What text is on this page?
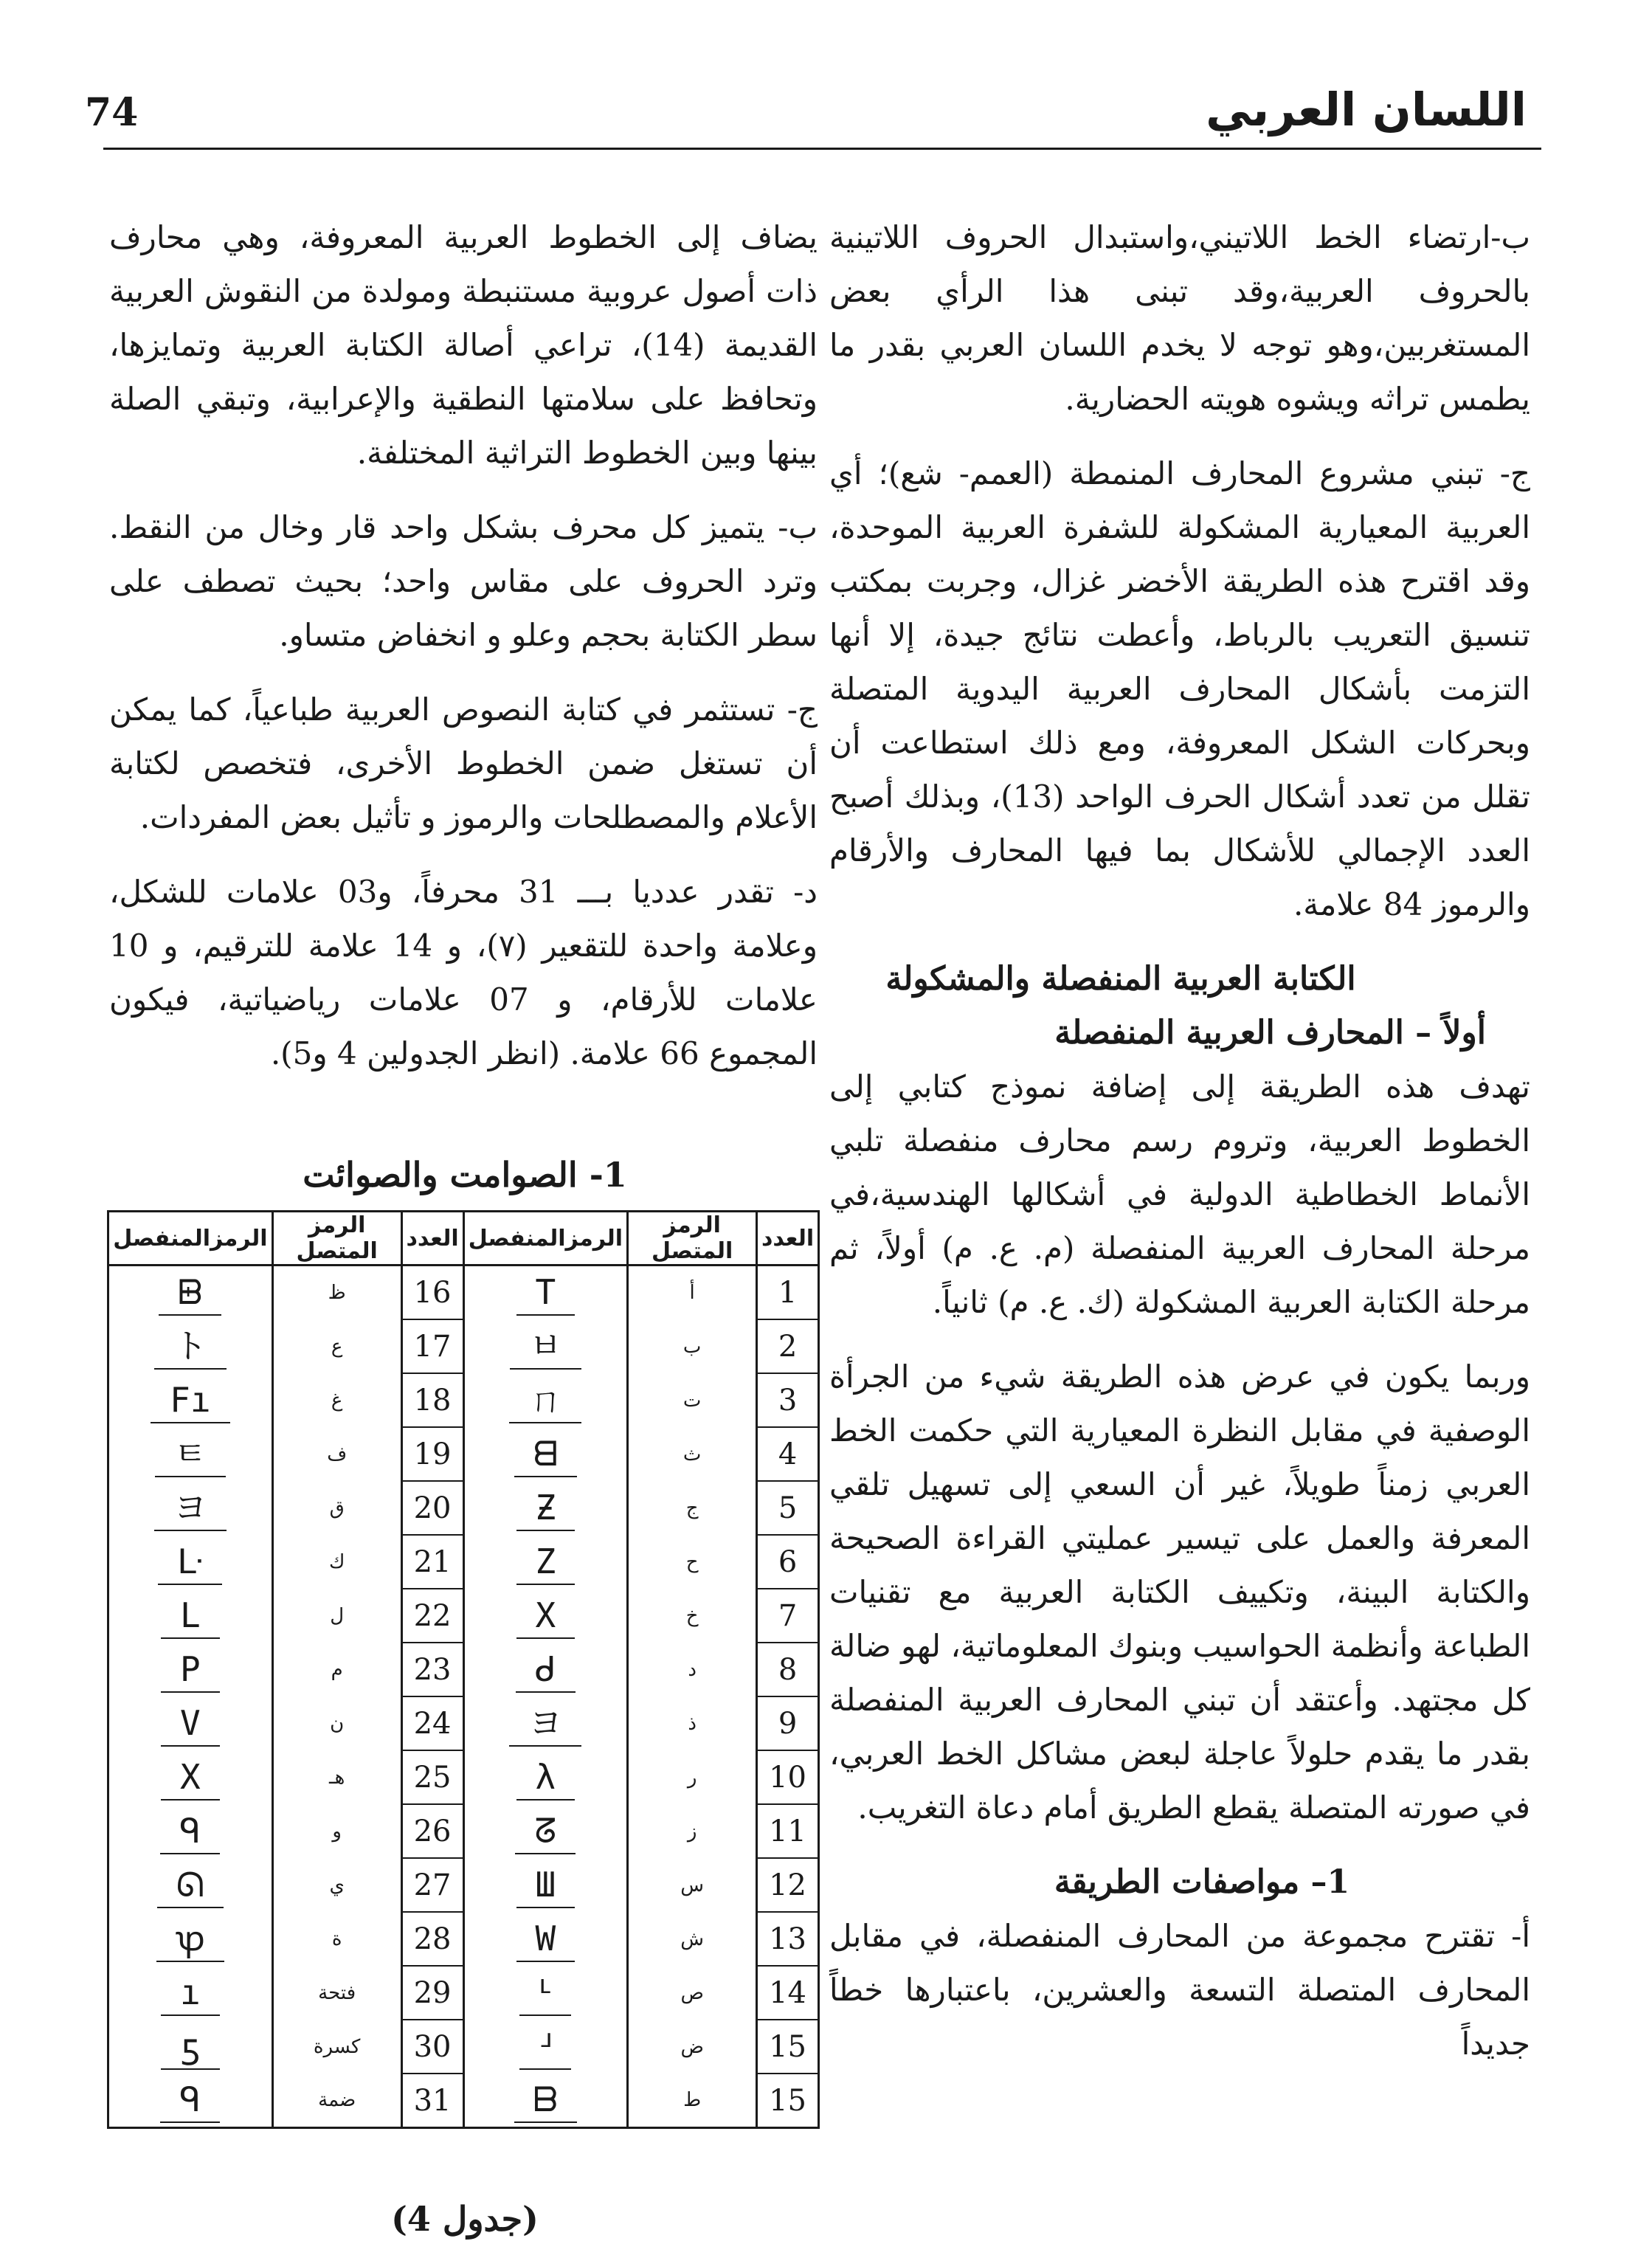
74	اللسان العربي

ب-ارتضاء الخط اللاتيني،واستبدال الحروف اللاتينية بالحروف العربية،وقد تبنى هذا الرأي بعض المستغربين،وهو توجه لا يخدم اللسان العربي بقدر ما يطمس تراثه ويشوه هويته الحضارية.

ج- تبني مشروع المحارف المنمطة (العمم- شع)؛ أي العربية المعيارية المشكولة للشفرة العربية الموحدة، وقد اقترح هذه الطريقة الأخضر غزال، وجربت بمكتب تنسيق التعريب بالرباط، وأعطت نتائج جيدة، إلا أنها التزمت بأشكال المحارف العربية اليدوية المتصلة وبحركات الشكل المعروفة، ومع ذلك استطاعت أن تقلل من تعدد أشكال الحرف الواحد (13)، وبذلك أصبح العدد الإجمالي للأشكال بما فيها المحارف والأرقام والرموز 84 علامة.

الكتابة العربية المنفصلة والمشكولة
أولاً – المحارف العربية المنفصلة

تهدف هذه الطريقة إلى إضافة نموذج كتابي إلى الخطوط العربية، وتروم رسم محارف منفصلة تلبي الأنماط الخطاطية الدولية في أشكالها الهندسية،في مرحلة المحارف العربية المنفصلة (م. ع. م) أولاً، ثم مرحلة الكتابة العربية المشكولة (ك. ع. م) ثانياً.

وربما يكون في عرض هذه الطريقة شيء من الجرأة الوصفية في مقابل النظرة المعيارية التي حكمت الخط العربي زمناً طويلاً، غير أن السعي إلى تسهيل تلقي المعرفة والعمل على تيسير عمليتي القراءة الصحيحة والكتابة البينة، وتكييف الكتابة العربية مع تقنيات الطباعة وأنظمة الحواسيب وبنوك المعلوماتية، لهو ضالة كل مجتهد. وأعتقد أن تبني المحارف العربية المنفصلة بقدر ما يقدم حلولاً عاجلة لبعض مشاكل الخط العربي، في صورته المتصلة يقطع الطريق أمام دعاة التغريب.

1– مواصفات الطريقة

أ- تقترح مجموعة من المحارف المنفصلة، في مقابل المحارف المتصلة التسعة والعشرين، باعتبارها خطاً جديداً

يضاف إلى الخطوط العربية المعروفة، وهي محارف ذات أصول عروبية مستنبطة ومولدة من النقوش العربية القديمة (14)، تراعي أصالة الكتابة العربية وتمايزها، وتحافظ على سلامتها النطقية والإعرابية، وتبقي الصلة بينها وبين الخطوط التراثية المختلفة.

ب- يتميز كل محرف بشكل واحد قار وخال من النقط. وترد الحروف على مقاس واحد؛ بحيث تصطف على سطر الكتابة بحجم وعلو و انخفاض متساو.

ج- تستثمر في كتابة النصوص العربية طباعياً، كما يمكن أن تستغل ضمن الخطوط الأخرى، فتخصص لكتابة الأعلام والمصطلحات والرموز و تأثيل بعض المفردات.

د- تقدر عدديا بـــ 31 محرفاً، و03 علامات للشكل، وعلامة واحدة للتقعير (٧)، و 14 علامة للترقيم، و 10 علامات للأرقام، و 07 علامات رياضياتية، فيكون المجموع 66 علامة. (انظر الجدولين 4 و5).

1- الصوامت والصوائت
العدد	الرمز المتصل	الرمزالمنفصل	العدد	الرمز المتصل	الرمزالمنفصل
1	أ	T	16	ظ	ᗸ
2	ب	ㅂ	17	ع	ト
3	ت	ㄇ	18	غ	Fı
4	ث	ᗺ	19	ف	ㅌ
5	ج	Ƶ	20	ق	ヨ
6	ح	Z	21	ك	ᒷ
7	خ	X	22	ل	L
8	د	ᑯ	23	م	P
9	ذ	ヨ	24	ن	V
10	ر	λ	25	هـ	X
11	ز	ᘔ	26	و	ᑫ
12	س	Ш	27	ي	ᘏ
13	ش	W	28	ة	ꝕ
14	ص	ᒻ	29	فتحة	ı
15	ض	ᒽ	30	كسرة	ƽ
15	ط	ᗷ	31	ضمة	ᑫ
(جدول 4)
